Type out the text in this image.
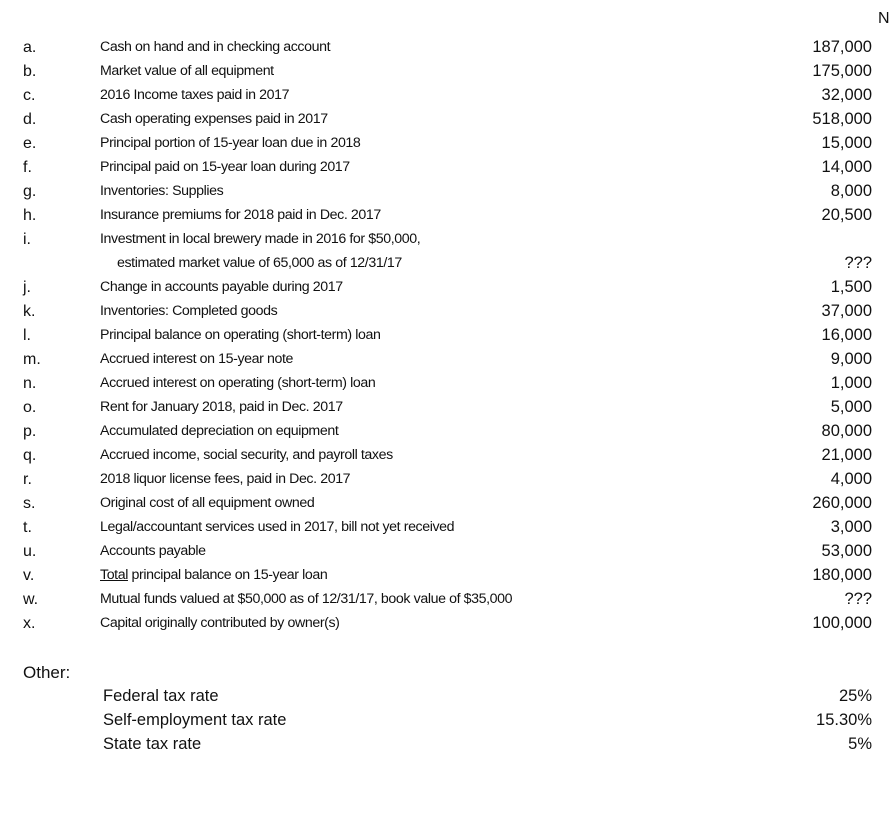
N
a.	Cash on hand and in checking account	187,000
b.	Market value of all equipment	175,000
c.	2016 Income taxes paid in 2017	32,000
d.	Cash operating expenses paid in 2017	518,000
e.	Principal portion of 15-year loan due in 2018	15,000
f.	Principal paid on 15-year loan during 2017	14,000
g.	Inventories: Supplies	8,000
h.	Insurance premiums for 2018 paid in Dec. 2017	20,500
i.	Investment in local brewery made in 2016 for $50,000,
estimated market value of 65,000 as of 12/31/17	???
j.	Change in accounts payable during 2017	1,500
k.	Inventories: Completed goods	37,000
l.	Principal balance on operating (short-term) loan	16,000
m.	Accrued interest on 15-year note	9,000
n.	Accrued interest on operating (short-term) loan	1,000
o.	Rent for January 2018, paid in Dec. 2017	5,000
p.	Accumulated depreciation on equipment	80,000
q.	Accrued income, social security, and payroll taxes	21,000
r.	2018 liquor license fees, paid in Dec. 2017	4,000
s.	Original cost of all equipment owned	260,000
t.	Legal/accountant services used in 2017, bill not yet received	3,000
u.	Accounts payable	53,000
v.	Total principal balance on 15-year loan	180,000
w.	Mutual funds valued at $50,000 as of 12/31/17, book value of $35,000	???
x.	Capital originally contributed by owner(s)	100,000
Other:
Federal tax rate	25%
Self-employment tax rate	15.30%
State tax rate	5%
